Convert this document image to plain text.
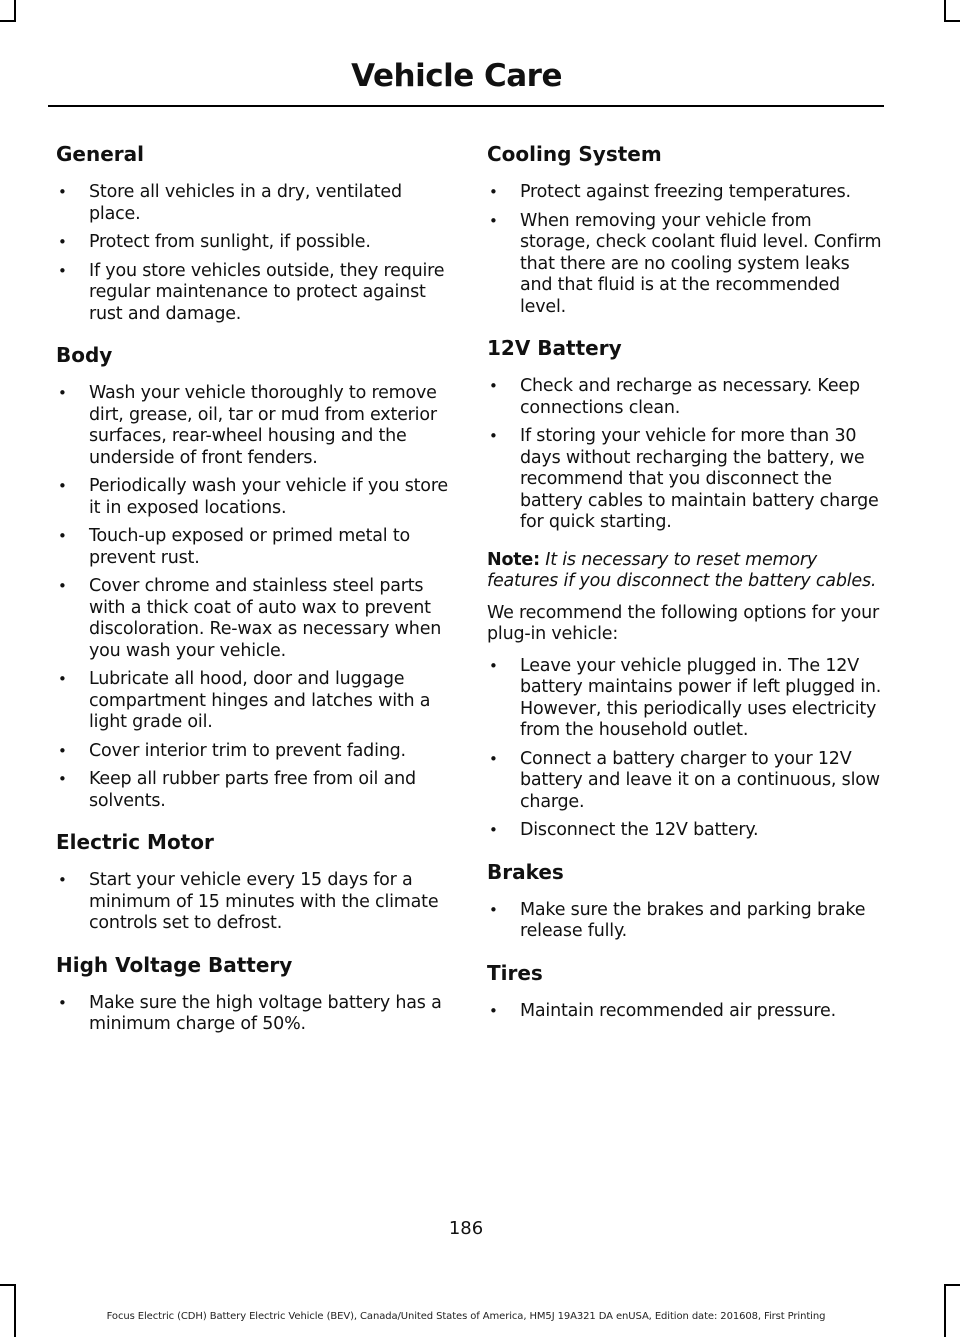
Vehicle Care
General
• Store all vehicles in a dry, ventilated place.
• Protect from sunlight, if possible.
• If you store vehicles outside, they require regular maintenance to protect against rust and damage.
Body
• Wash your vehicle thoroughly to remove dirt, grease, oil, tar or mud from exterior surfaces, rear-wheel housing and the underside of front fenders.
• Periodically wash your vehicle if you store it in exposed locations.
• Touch-up exposed or primed metal to prevent rust.
• Cover chrome and stainless steel parts with a thick coat of auto wax to prevent discoloration. Re-wax as necessary when you wash your vehicle.
• Lubricate all hood, door and luggage compartment hinges and latches with a light grade oil.
• Cover interior trim to prevent fading.
• Keep all rubber parts free from oil and solvents.
Electric Motor
• Start your vehicle every 15 days for a minimum of 15 minutes with the climate controls set to defrost.
High Voltage Battery
• Make sure the high voltage battery has a minimum charge of 50%.
Cooling System
• Protect against freezing temperatures.
• When removing your vehicle from storage, check coolant fluid level. Confirm that there are no cooling system leaks and that fluid is at the recommended level.
12V Battery
• Check and recharge as necessary. Keep connections clean.
• If storing your vehicle for more than 30 days without recharging the battery, we recommend that you disconnect the battery cables to maintain battery charge for quick starting.

Note: It is necessary to reset memory features if you disconnect the battery cables.

We recommend the following options for your plug-in vehicle:

• Leave your vehicle plugged in. The 12V battery maintains power if left plugged in. However, this periodically uses electricity from the household outlet.
• Connect a battery charger to your 12V battery and leave it on a continuous, slow charge.
• Disconnect the 12V battery.
Brakes
• Make sure the brakes and parking brake release fully.
Tires
• Maintain recommended air pressure.
186
Focus Electric (CDH) Battery Electric Vehicle (BEV), Canada/United States of America, HM5J 19A321 DA enUSA, Edition date: 201608, First Printing
